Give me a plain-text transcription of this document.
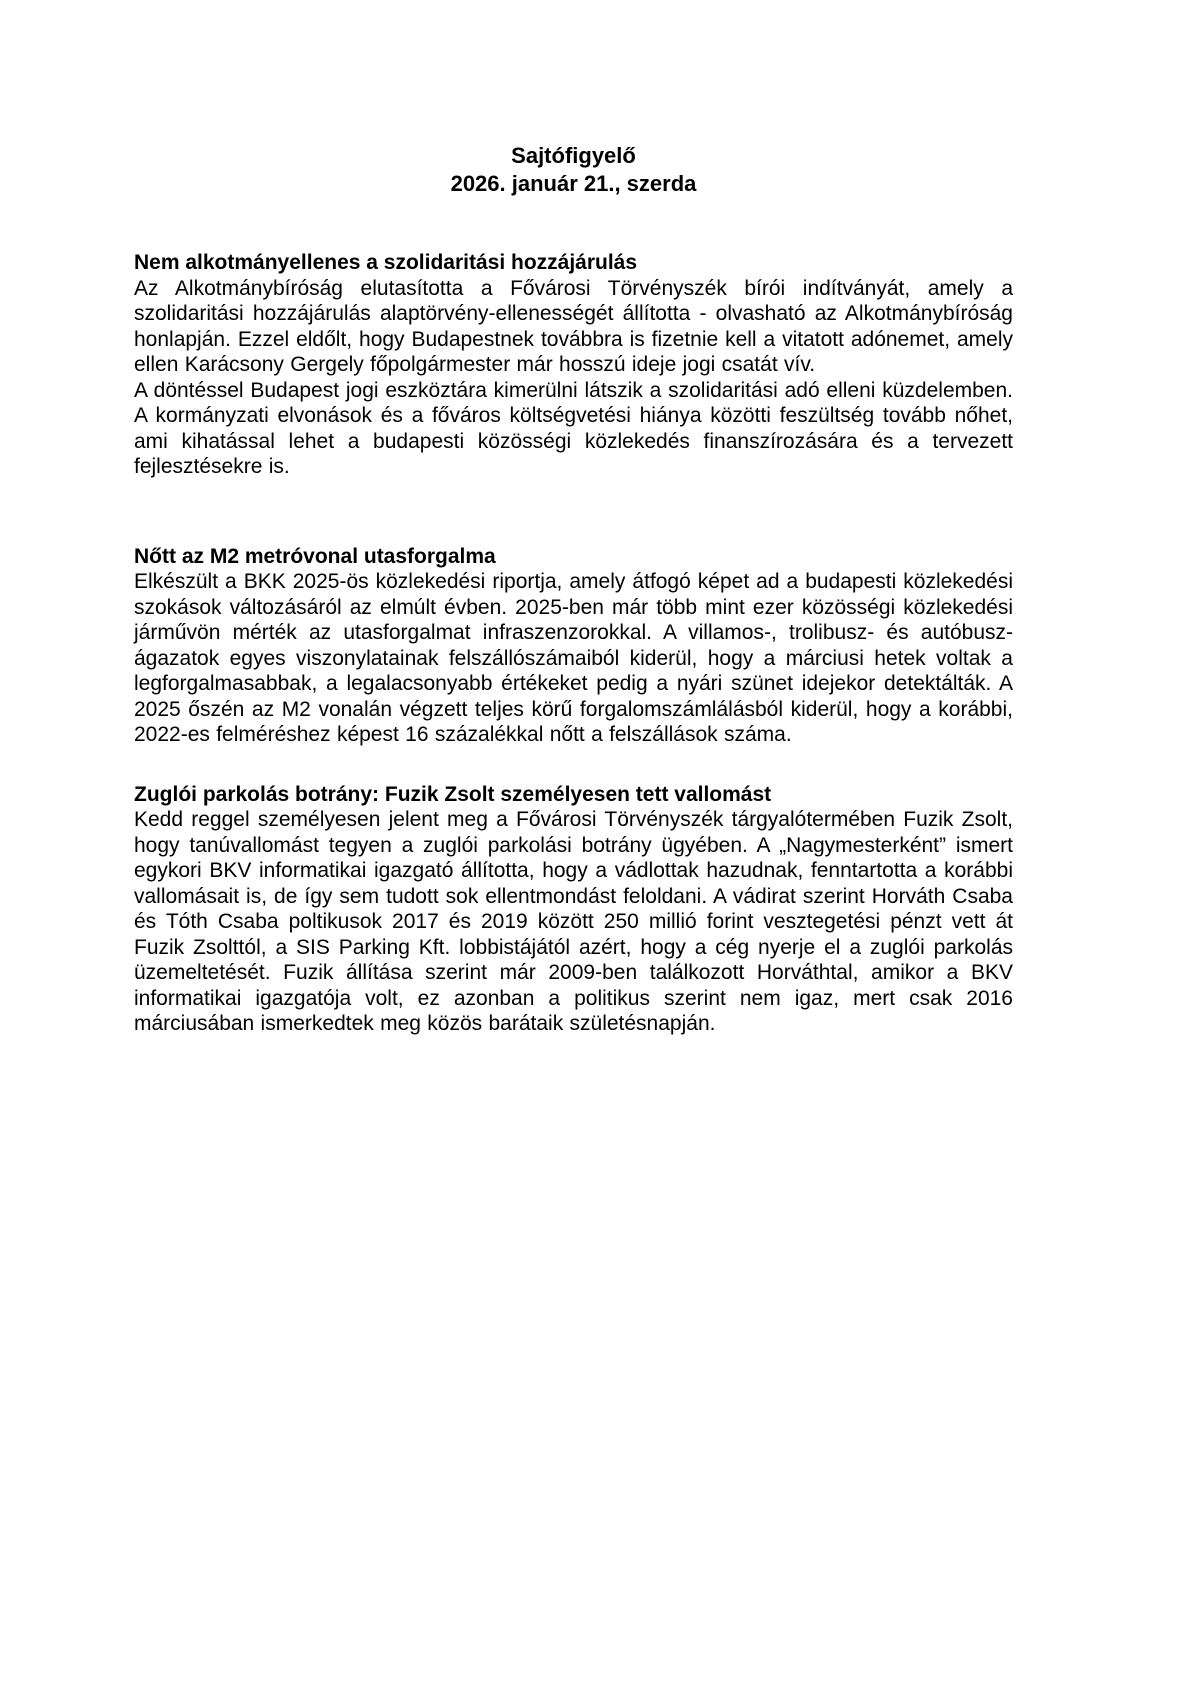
Sajtófigyelő
2026. január 21., szerda
Nem alkotmányellenes a szolidaritási hozzájárulás

Az Alkotmánybíróság elutasította a Fővárosi Törvényszék bírói indítványát, amely a szolidaritási hozzájárulás alaptörvény-ellenességét állította - olvasható az Alkotmánybíróság honlapján. Ezzel eldőlt, hogy Budapestnek továbbra is fizetnie kell a vitatott adónemet, amely ellen Karácsony Gergely főpolgármester már hosszú ideje jogi csatát vív.

A döntéssel Budapest jogi eszköztára kimerülni látszik a szolidaritási adó elleni küzdelemben. A kormányzati elvonások és a főváros költségvetési hiánya közötti feszültség tovább nőhet, ami kihatással lehet a budapesti közösségi közlekedés finanszírozására és a tervezett fejlesztésekre is.

Nőtt az M2 metróvonal utasforgalma

Elkészült a BKK 2025-ös közlekedési riportja, amely átfogó képet ad a budapesti közlekedési szokások változásáról az elmúlt évben. 2025-ben már több mint ezer közösségi közlekedési járművön mérték az utasforgalmat infraszenzorokkal. A villamos-, trolibusz- és autóbusz-ágazatok egyes viszonylatainak felszállószámaiból kiderül, hogy a márciusi hetek voltak a legforgalmasabbak, a legalacsonyabb értékeket pedig a nyári szünet idejekor detektálták. A 2025 őszén az M2 vonalán végzett teljes körű forgalomszámlálásból kiderül, hogy a korábbi, 2022-es felméréshez képest 16 százalékkal nőtt a felszállások száma.

Zuglói parkolás botrány: Fuzik Zsolt személyesen tett vallomást

Kedd reggel személyesen jelent meg a Fővárosi Törvényszék tárgyalótermében Fuzik Zsolt, hogy tanúvallomást tegyen a zuglói parkolási botrány ügyében. A „Nagymesterként” ismert egykori BKV informatikai igazgató állította, hogy a vádlottak hazudnak, fenntartotta a korábbi vallomásait is, de így sem tudott sok ellentmondást feloldani. A vádirat szerint Horváth Csaba és Tóth Csaba poltikusok 2017 és 2019 között 250 millió forint vesztegetési pénzt vett át Fuzik Zsolttól, a SIS Parking Kft. lobbistájától azért, hogy a cég nyerje el a zuglói parkolás üzemeltetését. Fuzik állítása szerint már 2009-ben találkozott Horváthtal, amikor a BKV informatikai igazgatója volt, ez azonban a politikus szerint nem igaz, mert csak 2016 márciusában ismerkedtek meg közös barátaik születésnapján.
